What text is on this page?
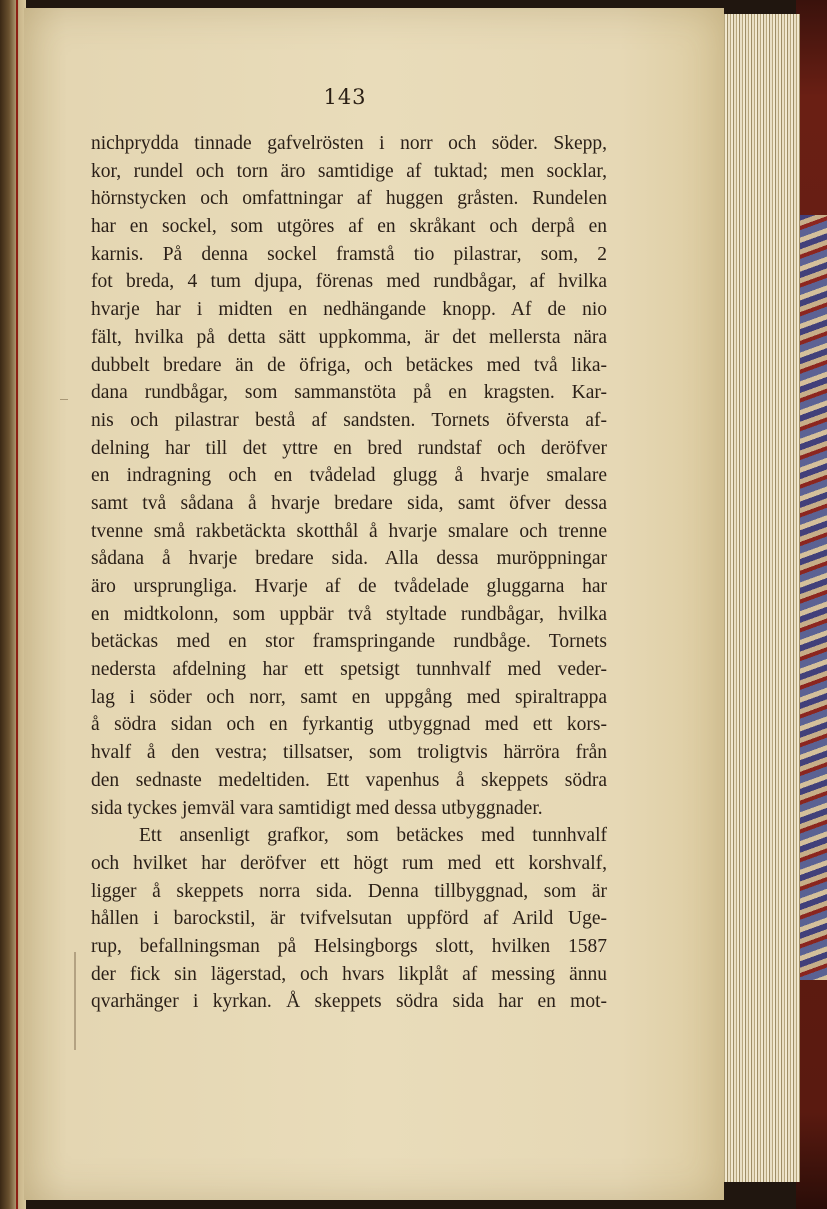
143
nichprydda tinnade gafvelrösten i norr och söder. Skepp,
kor, rundel och torn äro samtidige af tuktad; men socklar,
hörnstycken och omfattningar af huggen gråsten. Rundelen
har en sockel, som utgöres af en skråkant och derpå en
karnis. På denna sockel framstå tio pilastrar, som, 2
fot breda, 4 tum djupa, förenas med rundbågar, af hvilka
hvarje har i midten en nedhängande knopp. Af de nio
fält, hvilka på detta sätt uppkomma, är det mellersta nära
dubbelt bredare än de öfriga, och betäckes med två lika-
dana rundbågar, som sammanstöta på en kragsten. Kar-
nis och pilastrar bestå af sandsten. Tornets öfversta af-
delning har till det yttre en bred rundstaf och deröfver
en indragning och en tvådelad glugg å hvarje smalare
samt två sådana å hvarje bredare sida, samt öfver dessa
tvenne små rakbetäckta skotthål å hvarje smalare och trenne
sådana å hvarje bredare sida. Alla dessa muröppningar
äro ursprungliga. Hvarje af de tvådelade gluggarna har
en midtkolonn, som uppbär två styltade rundbågar, hvilka
betäckas med en stor framspringande rundbåge. Tornets
nedersta afdelning har ett spetsigt tunnhvalf med veder-
lag i söder och norr, samt en uppgång med spiraltrappa
å södra sidan och en fyrkantig utbyggnad med ett kors-
hvalf å den vestra; tillsatser, som troligtvis härröra från
den sednaste medeltiden. Ett vapenhus å skeppets södra
sida tyckes jemväl vara samtidigt med dessa utbyggnader.
Ett ansenligt grafkor, som betäckes med tunnhvalf
och hvilket har deröfver ett högt rum med ett korshvalf,
ligger å skeppets norra sida. Denna tillbyggnad, som är
hållen i barockstil, är tvifvelsutan uppförd af Arild Uge-
rup, befallningsman på Helsingborgs slott, hvilken 1587
der fick sin lägerstad, och hvars likplåt af messing ännu
qvarhänger i kyrkan. Å skeppets södra sida har en mot-
